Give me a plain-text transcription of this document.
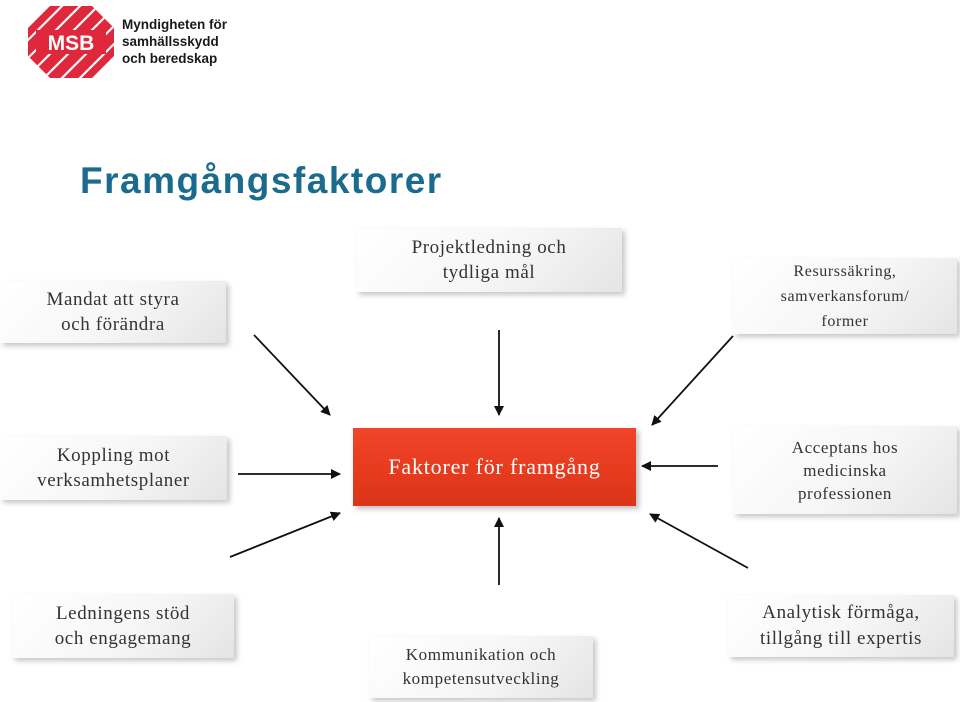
MSB
Myndigheten för
samhällsskydd
och beredskap
Framgångsfaktorer
Mandat att styra
och förändra
Projektledning och
tydliga mål	Resurssäkring,
samverkansforum/
former
Koppling mot
verksamhetsplaner
Acceptans hos
medicinska
professionen
Ledningens stöd
och engagemang
Kommunikation och
kompetensutveckling
Analytisk förmåga,
tillgång till expertis
Faktorer för framgång
